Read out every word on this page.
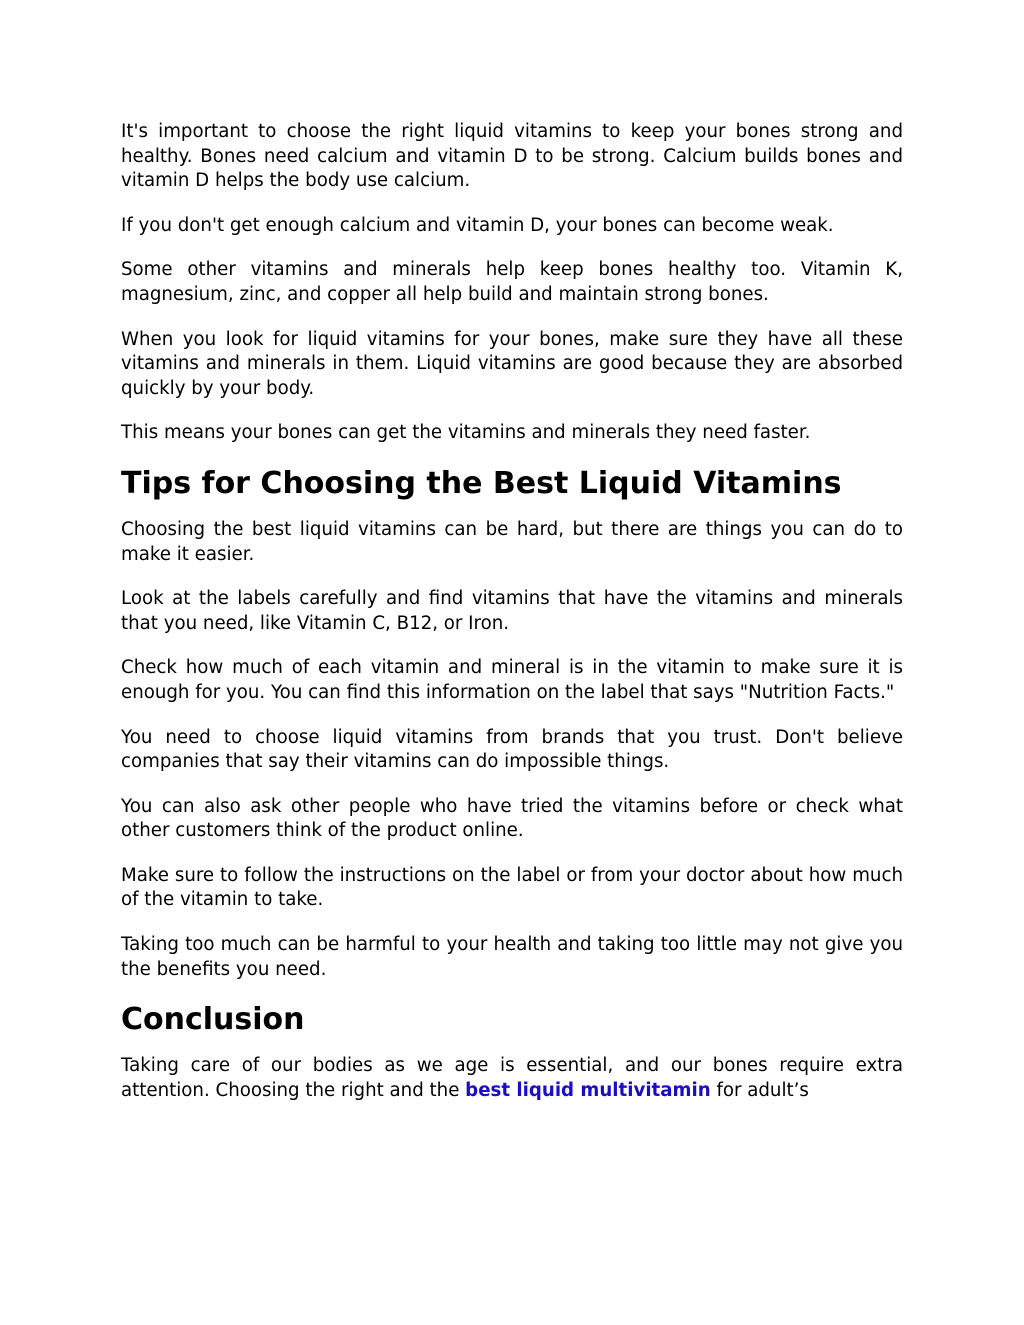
It's important to choose the right liquid vitamins to keep your bones strong and healthy. Bones need calcium and vitamin D to be strong. Calcium builds bones and vitamin D helps the body use calcium.

If you don't get enough calcium and vitamin D, your bones can become weak.

Some other vitamins and minerals help keep bones healthy too. Vitamin K, magnesium, zinc, and copper all help build and maintain strong bones.

When you look for liquid vitamins for your bones, make sure they have all these vitamins and minerals in them. Liquid vitamins are good because they are absorbed quickly by your body.

This means your bones can get the vitamins and minerals they need faster.

Tips for Choosing the Best Liquid Vitamins

Choosing the best liquid vitamins can be hard, but there are things you can do to make it easier.

Look at the labels carefully and find vitamins that have the vitamins and minerals that you need, like Vitamin C, B12, or Iron.

Check how much of each vitamin and mineral is in the vitamin to make sure it is enough for you. You can find this information on the label that says "Nutrition Facts."

You need to choose liquid vitamins from brands that you trust. Don't believe companies that say their vitamins can do impossible things.

You can also ask other people who have tried the vitamins before or check what other customers think of the product online.

Make sure to follow the instructions on the label or from your doctor about how much of the vitamin to take.

Taking too much can be harmful to your health and taking too little may not give you the benefits you need.

Conclusion

Taking care of our bodies as we age is essential, and our bones require extra attention. Choosing the right and the best liquid multivitamin for adult’s
